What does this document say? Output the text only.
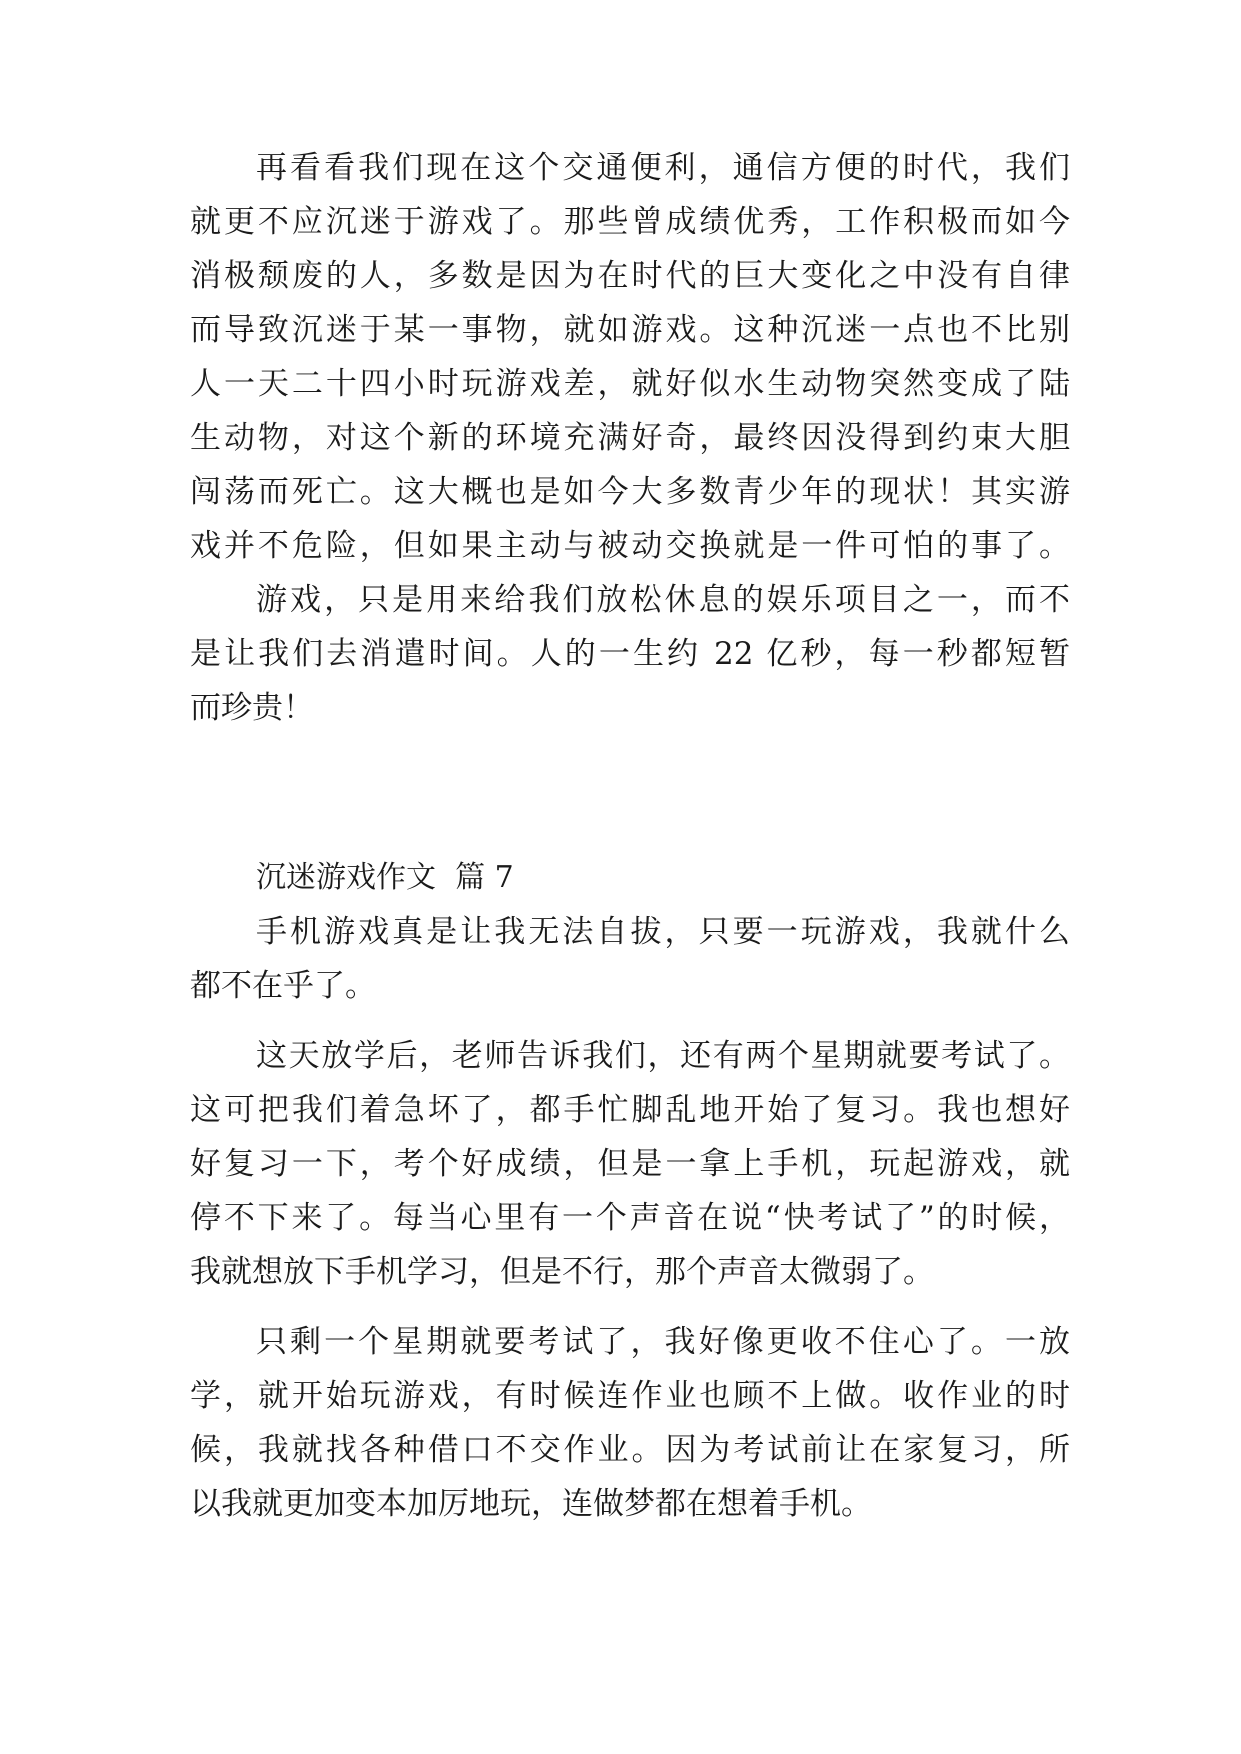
再看看我们现在这个交通便利，通信方便的时代，我们

就更不应沉迷于游戏了。那些曾成绩优秀，工作积极而如今

消极颓废的人，多数是因为在时代的巨大变化之中没有自律

而导致沉迷于某一事物，就如游戏。这种沉迷一点也不比别

人一天二十四小时玩游戏差，就好似水生动物突然变成了陆

生动物，对这个新的环境充满好奇，最终因没得到约束大胆

闯荡而死亡。这大概也是如今大多数青少年的现状！其实游

戏并不危险，但如果主动与被动交换就是一件可怕的事了。

游戏，只是用来给我们放松休息的娱乐项目之一，而不

是让我们去消遣时间。人的一生约 22 亿秒，每一秒都短暂

而珍贵！

沉迷游戏作文  篇 7

手机游戏真是让我无法自拔，只要一玩游戏，我就什么

都不在乎了。

这天放学后，老师告诉我们，还有两个星期就要考试了。

这可把我们着急坏了，都手忙脚乱地开始了复习。我也想好

好复习一下，考个好成绩，但是一拿上手机，玩起游戏，就

停不下来了。每当心里有一个声音在说“快考试了”的时候，

我就想放下手机学习，但是不行，那个声音太微弱了。

只剩一个星期就要考试了，我好像更收不住心了。一放

学，就开始玩游戏，有时候连作业也顾不上做。收作业的时

候，我就找各种借口不交作业。因为考试前让在家复习，所

以我就更加变本加厉地玩，连做梦都在想着手机。
